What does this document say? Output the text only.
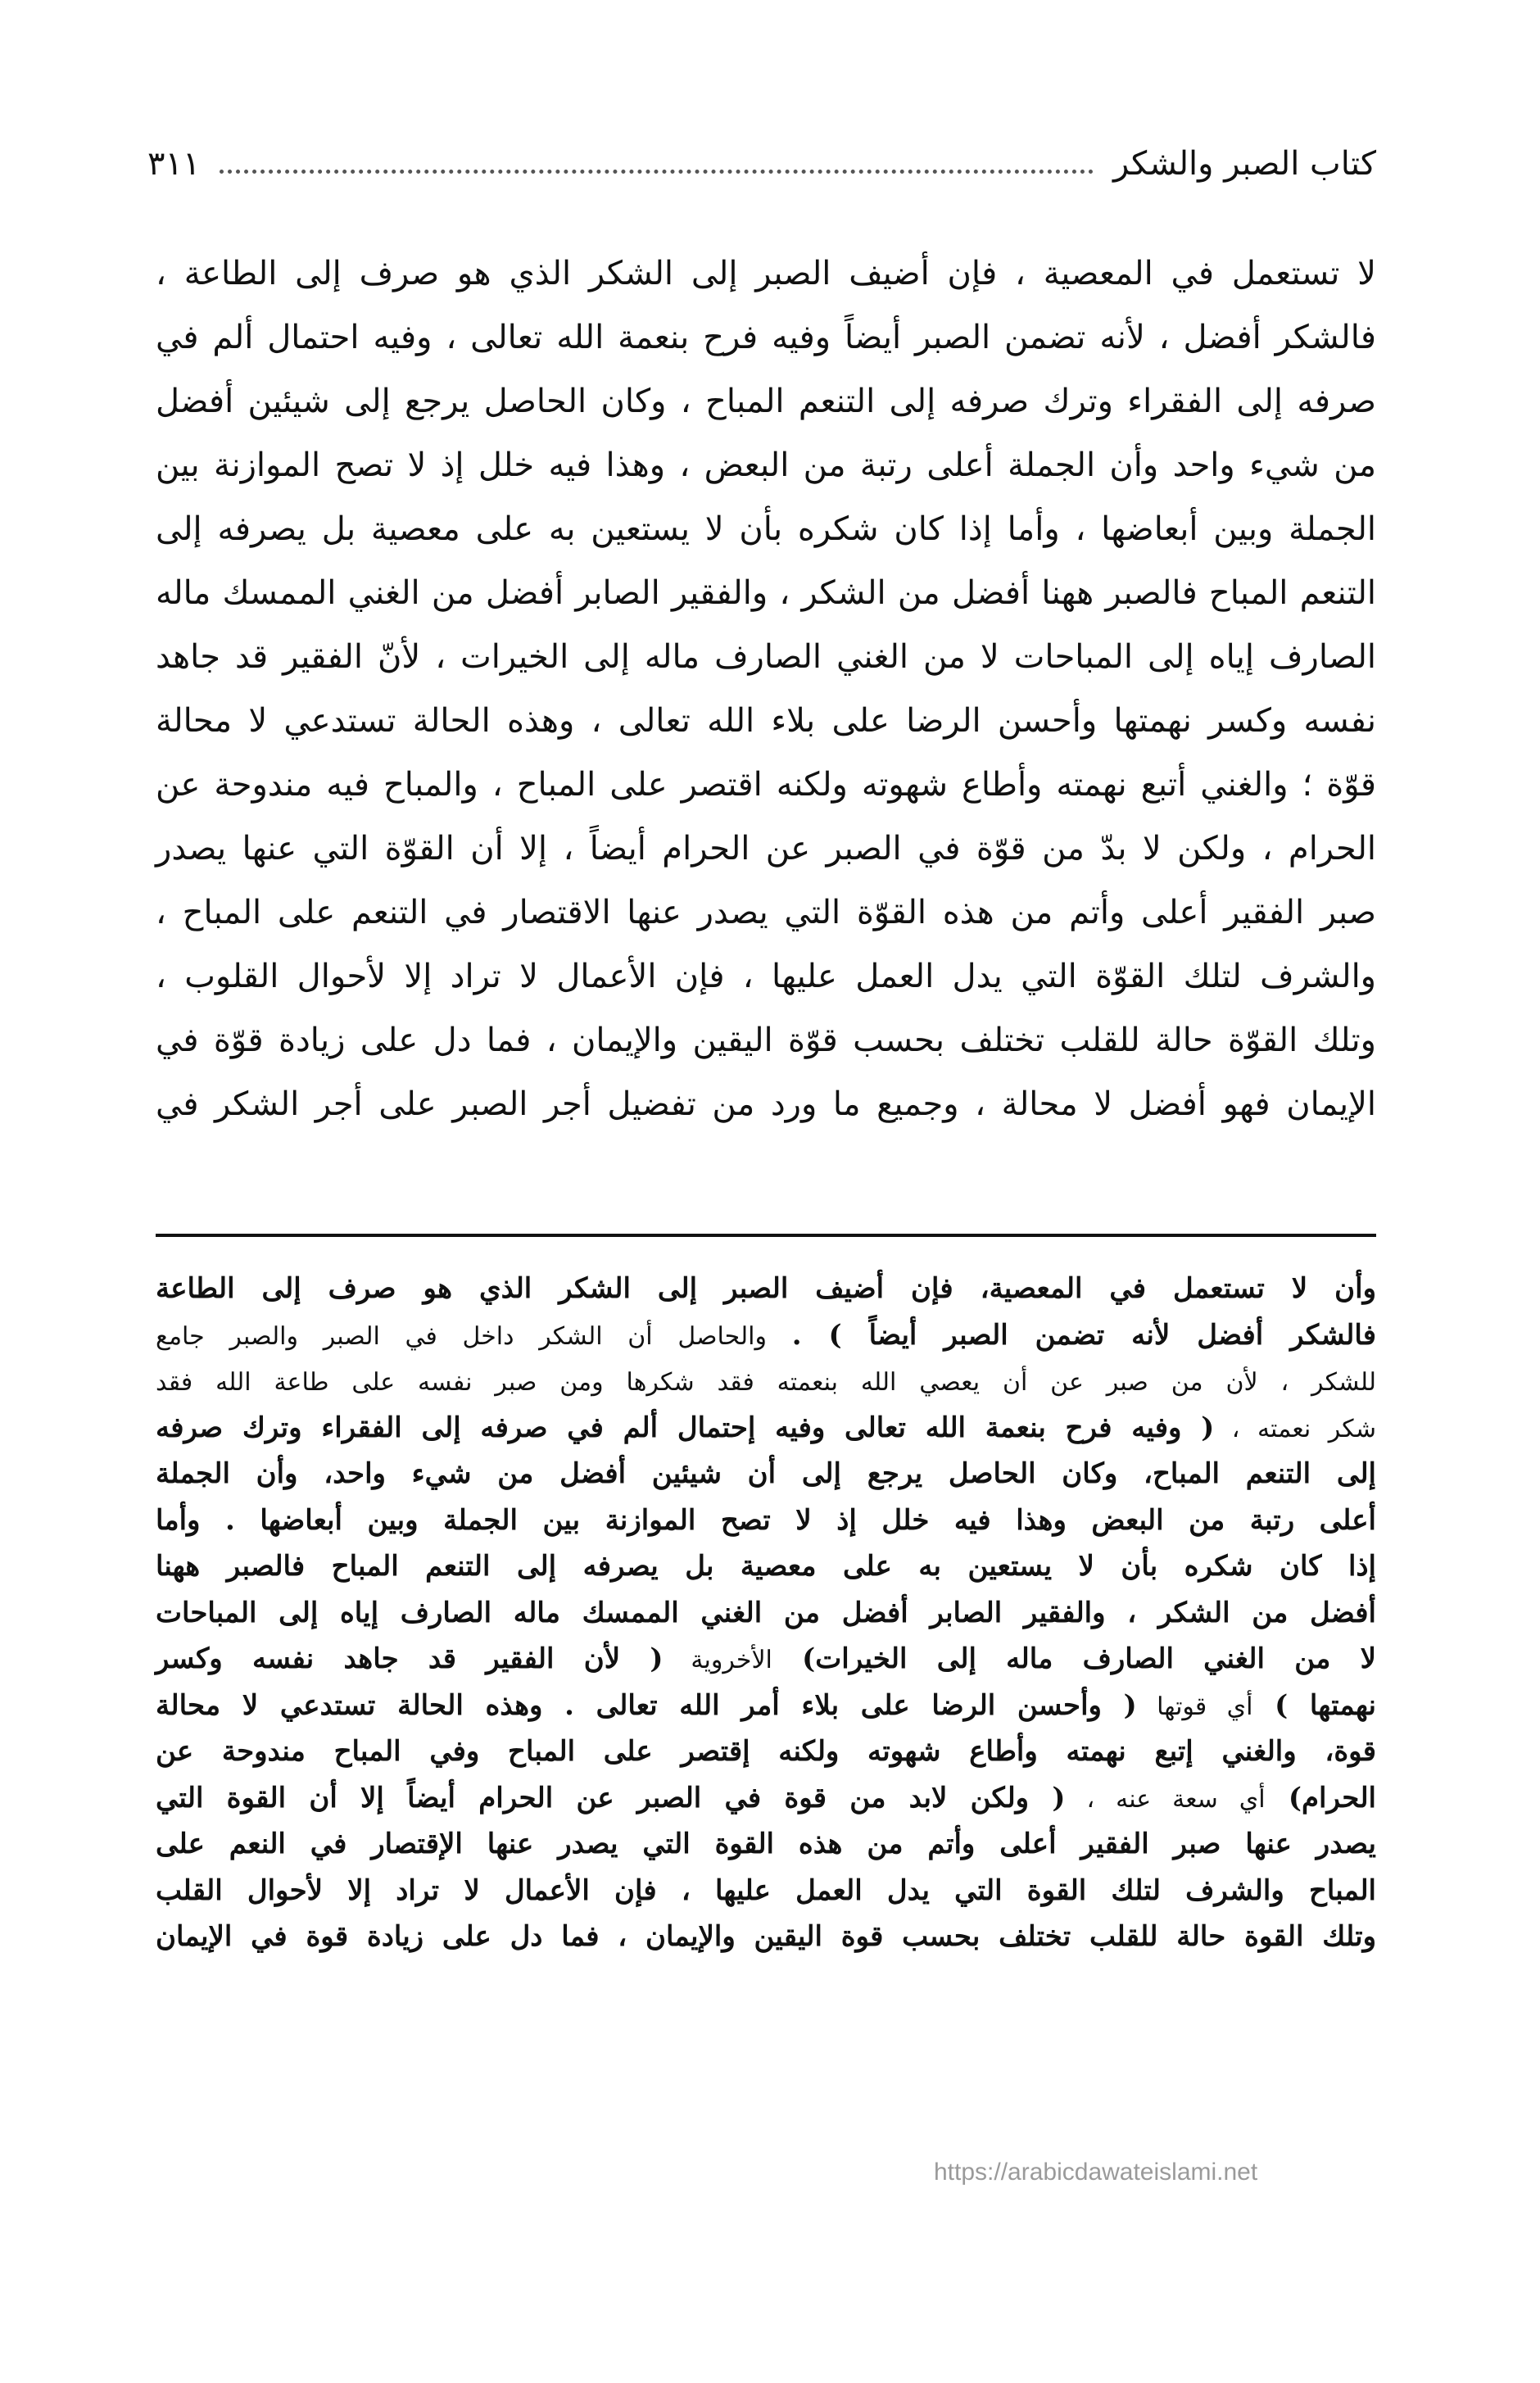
٣١١	كتاب الصبر والشكر
لا تستعمل في المعصية ، فإن أضيف الصبر إلى الشكر الذي هو صرف إلى الطاعة ،
فالشكر أفضل ، لأنه تضمن الصبر أيضاً وفيه فرح بنعمة الله تعالى ، وفيه احتمال ألم في
صرفه إلى الفقراء وترك صرفه إلى التنعم المباح ، وكان الحاصل يرجع إلى شيئين أفضل
من شيء واحد وأن الجملة أعلى رتبة من البعض ، وهذا فيه خلل إذ لا تصح الموازنة بين
الجملة وبين أبعاضها ، وأما إذا كان شكره بأن لا يستعين به على معصية بل يصرفه إلى
التنعم المباح فالصبر ههنا أفضل من الشكر ، والفقير الصابر أفضل من الغني الممسك ماله
الصارف إياه إلى المباحات لا من الغني الصارف ماله إلى الخيرات ، لأنّ الفقير قد جاهد
نفسه وكسر نهمتها وأحسن الرضا على بلاء الله تعالى ، وهذه الحالة تستدعي لا محالة
قوّة ؛ والغني أتبع نهمته وأطاع شهوته ولكنه اقتصر على المباح ، والمباح فيه مندوحة عن
الحرام ، ولكن لا بدّ من قوّة في الصبر عن الحرام أيضاً ، إلا أن القوّة التي عنها يصدر
صبر الفقير أعلى وأتم من هذه القوّة التي يصدر عنها الاقتصار في التنعم على المباح ،
والشرف لتلك القوّة التي يدل العمل عليها ، فإن الأعمال لا تراد إلا لأحوال القلوب ،
وتلك القوّة حالة للقلب تختلف بحسب قوّة اليقين والإيمان ، فما دل على زيادة قوّة في
الإيمان فهو أفضل لا محالة ، وجميع ما ورد من تفضيل أجر الصبر على أجر الشكر في
وأن لا تستعمل في المعصية، فإن أضيف الصبر إلى الشكر الذي هو صرف إلى الطاعة
فالشكر أفضل لأنه تضمن الصبر أيضاً ) . والحاصل أن الشكر داخل في الصبر والصبر جامع
للشكر ، لأن من صبر عن أن يعصي الله بنعمته فقد شكرها ومن صبر نفسه على طاعة الله فقد
شكر نعمته ، ( وفيه فرح بنعمة الله تعالى وفيه إحتمال ألم في صرفه إلى الفقراء وترك صرفه
إلى التنعم المباح، وكان الحاصل يرجع إلى أن شيئين أفضل من شيء واحد، وأن الجملة
أعلى رتبة من البعض وهذا فيه خلل إذ لا تصح الموازنة بين الجملة وبين أبعاضها . وأما
إذا كان شكره بأن لا يستعين به على معصية بل يصرفه إلى التنعم المباح فالصبر ههنا
أفضل من الشكر ، والفقير الصابر أفضل من الغني الممسك ماله الصارف إياه إلى المباحات
لا من الغني الصارف ماله إلى الخيرات) الأخروية ( لأن الفقير قد جاهد نفسه وكسر
نهمتها ) أي قوتها ( وأحسن الرضا على بلاء أمر الله تعالى . وهذه الحالة تستدعي لا محالة
قوة، والغني إتبع نهمته وأطاع شهوته ولكنه إقتصر على المباح وفي المباح مندوحة عن
الحرام) أي سعة عنه ، ( ولكن لابد من قوة في الصبر عن الحرام أيضاً إلا أن القوة التي
يصدر عنها صبر الفقير أعلى وأتم من هذه القوة التي يصدر عنها الإقتصار في النعم على
المباح والشرف لتلك القوة التي يدل العمل عليها ، فإن الأعمال لا تراد إلا لأحوال القلب
وتلك القوة حالة للقلب تختلف بحسب قوة اليقين والإيمان ، فما دل على زيادة قوة في الإيمان
https://arabicdawateislami.net
